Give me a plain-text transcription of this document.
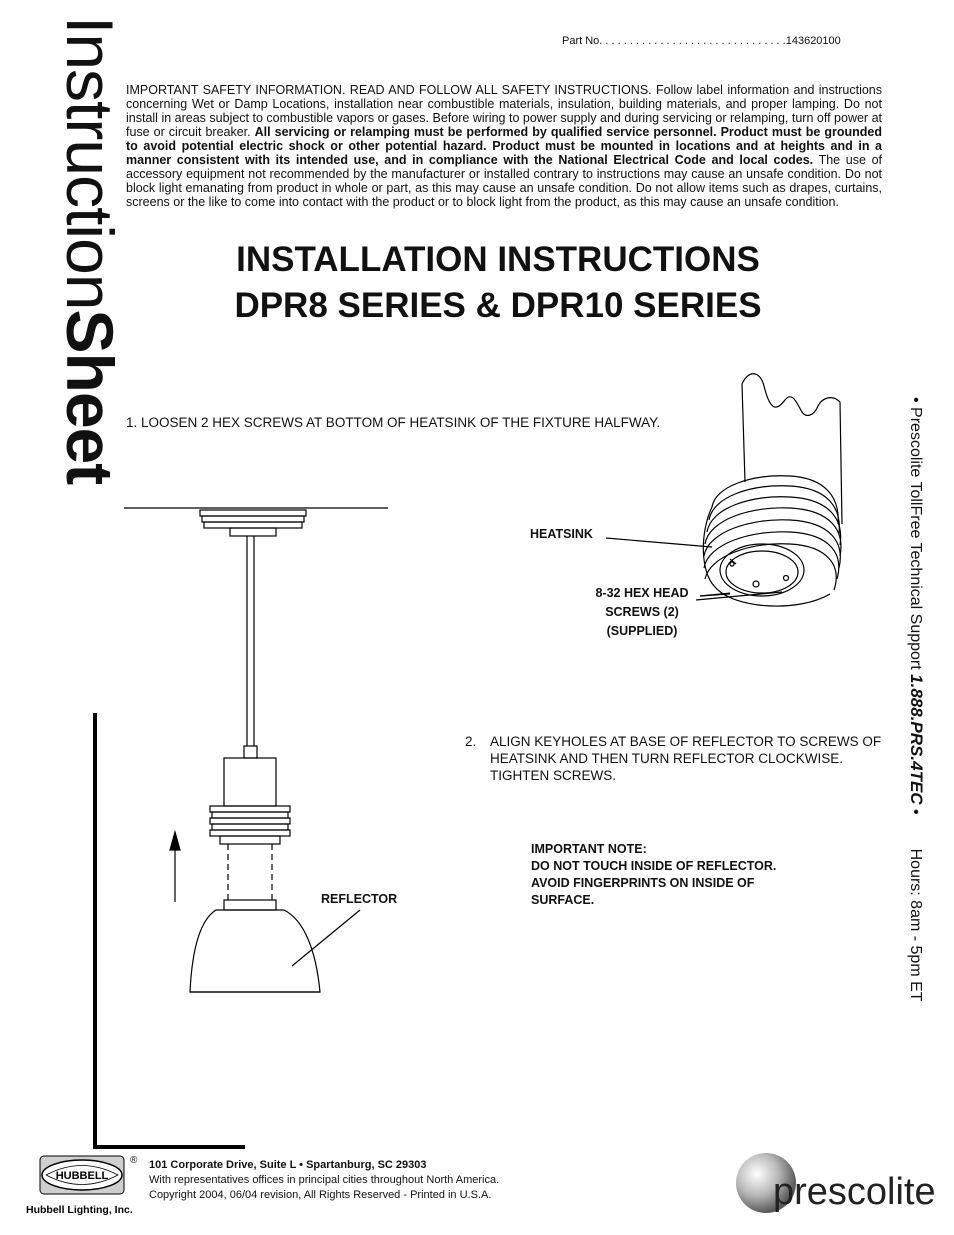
InstructionSheet
Part No. . . . . . . . . . . . . . . . . . . . . . . . . . . . . . .143620100
IMPORTANT SAFETY INFORMATION. READ AND FOLLOW ALL SAFETY INSTRUCTIONS. Follow label information and instructions concerning Wet or Damp Locations, installation near combustible materials, insulation, building materials, and proper lamping. Do not install in areas subject to combustible vapors or gases. Before wiring to power supply and during servicing or relamping, turn off power at fuse or circuit breaker. All servicing or relamping must be performed by qualified service personnel. Product must be grounded to avoid potential electric shock or other potential hazard. Product must be mounted in locations and at heights and in a manner consistent with its intended use, and in compliance with the National Electrical Code and local codes. The use of accessory equipment not recommended by the manufacturer or installed contrary to instructions may cause an unsafe condition. Do not block light emanating from product in whole or part, as this may cause an unsafe condition. Do not allow items such as drapes, curtains, screens or the like to come into contact with the product or to block light from the product, as this may cause an unsafe condition.
INSTALLATION INSTRUCTIONS
DPR8 SERIES & DPR10 SERIES
1. LOOSEN 2 HEX SCREWS AT BOTTOM OF HEATSINK OF THE FIXTURE HALFWAY.
2. ALIGN KEYHOLES AT BASE OF REFLECTOR TO SCREWS OF HEATSINK AND THEN TURN REFLECTOR CLOCKWISE. TIGHTEN SCREWS.
HEATSINK
8-32 HEX HEAD
SCREWS (2)
(SUPPLIED)
REFLECTOR
IMPORTANT NOTE:
DO NOT TOUCH INSIDE OF REFLECTOR.
AVOID FINGERPRINTS ON INSIDE OF
SURFACE.
• Prescolite TollFree Technical Support 1.888.PRS.4TEC •Hours: 8am - 5pm ET
HUBBELL
Hubbell Lighting, Inc.
® 101 Corporate Drive, Suite L • Spartanburg, SC 29303
With representatives offices in principal cities throughout North America.
Copyright 2004, 06/04 revision, All Rights Reserved - Printed in U.S.A.	prescolite
